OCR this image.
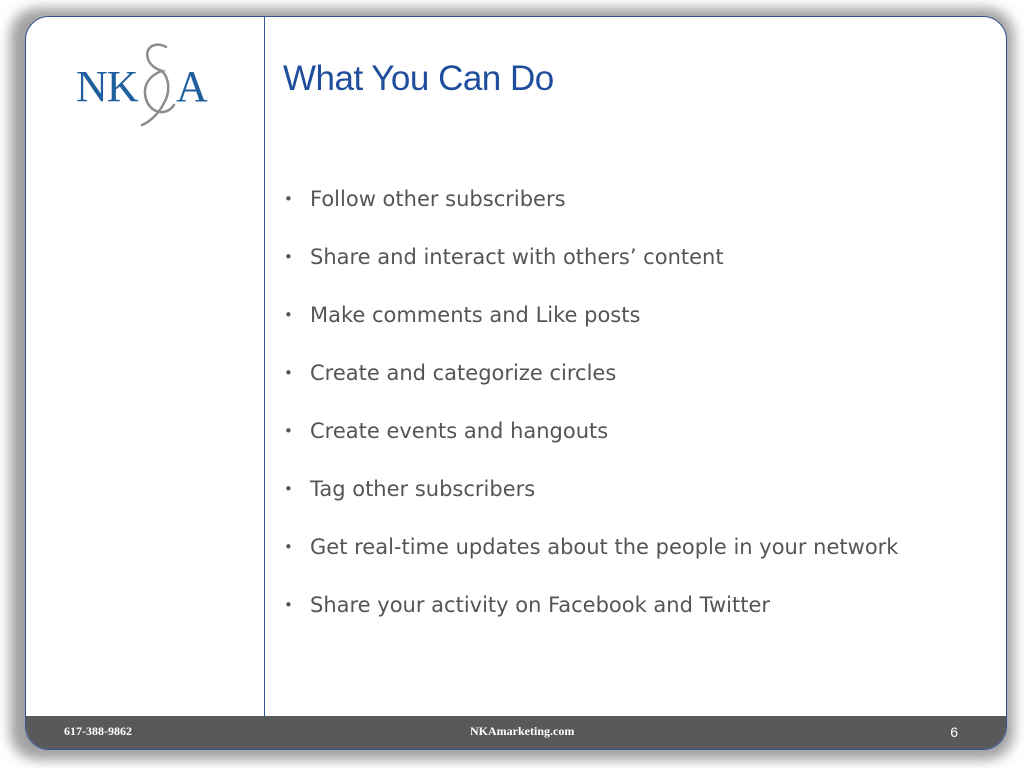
NK A What You Can Do
• Follow other subscribers
• Share and interact with others’ content
• Make comments and Like posts
• Create and categorize circles
• Create events and hangouts
• Tag other subscribers
• Get real-time updates about the people in your network
• Share your activity on Facebook and Twitter
617-388-9862	NKAmarketing.com	6
